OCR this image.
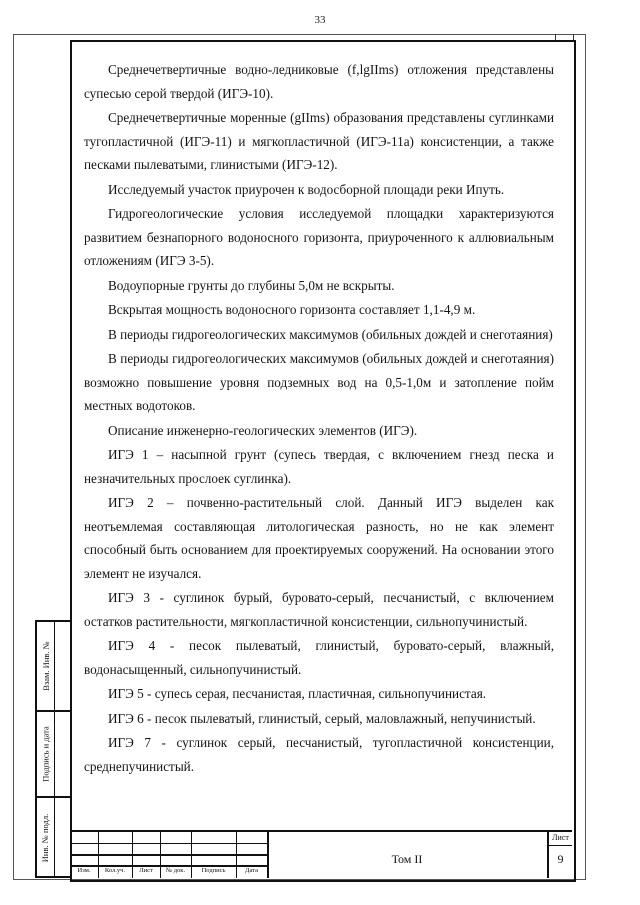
33
Взам. Инв. №
Подпись и дата
Инв. № подл.

Среднечетвертичные водно-ледниковые (f,lgIIms) отложения представлены супесью серой твердой (ИГЭ-10).

Среднечетвертичные моренные (gIIms) образования представлены суглинками тугопластичной (ИГЭ-11) и мягкопластичной (ИГЭ-11а) консистенции, а также песками пылеватыми, глинистыми (ИГЭ-12).

Исследуемый участок приурочен к водосборной площади реки Ипуть.

Гидрогеологические условия исследуемой площадки характеризуются развитием безнапорного водоносного горизонта, приуроченного к аллювиальным отложениям (ИГЭ 3-5).

Водоупорные грунты до глубины 5,0м не вскрыты.

Вскрытая мощность водоносного горизонта составляет 1,1-4,9 м.

В периоды гидрогеологических максимумов (обильных дождей и снеготаяния)

В периоды гидрогеологических максимумов (обильных дождей и снеготаяния) возможно повышение уровня подземных вод на 0,5-1,0м и затопление пойм местных водотоков.

Описание инженерно-геологических элементов (ИГЭ).

ИГЭ 1 – насыпной грунт (супесь твердая, с включением гнезд песка и незначительных прослоек суглинка).

ИГЭ 2 – почвенно-растительный слой. Данный ИГЭ выделен как неотъемлемая составляющая литологическая разность, но не как элемент способный быть основанием для проектируемых сооружений. На основании этого элемент не изучался.

ИГЭ 3 - суглинок бурый, буровато-серый, песчанистый, с включением остатков растительности, мягкопластичной консистенции, сильнопучинистый.

ИГЭ 4 - песок пылеватый, глинистый, буровато-серый, влажный, водонасыщенный, сильнопучинистый.

ИГЭ 5 - супесь серая, песчанистая, пластичная, сильнопучинистая.

ИГЭ 6 - песок пылеватый, глинистый, серый, маловлажный, непучинистый.

ИГЭ 7 - суглинок серый, песчанистый, тугопластичной консистенции, среднепучинистый.

Изм.	Кол.уч.	Лист	№ док.	Подпись	Дата
Том II
Лист
9
